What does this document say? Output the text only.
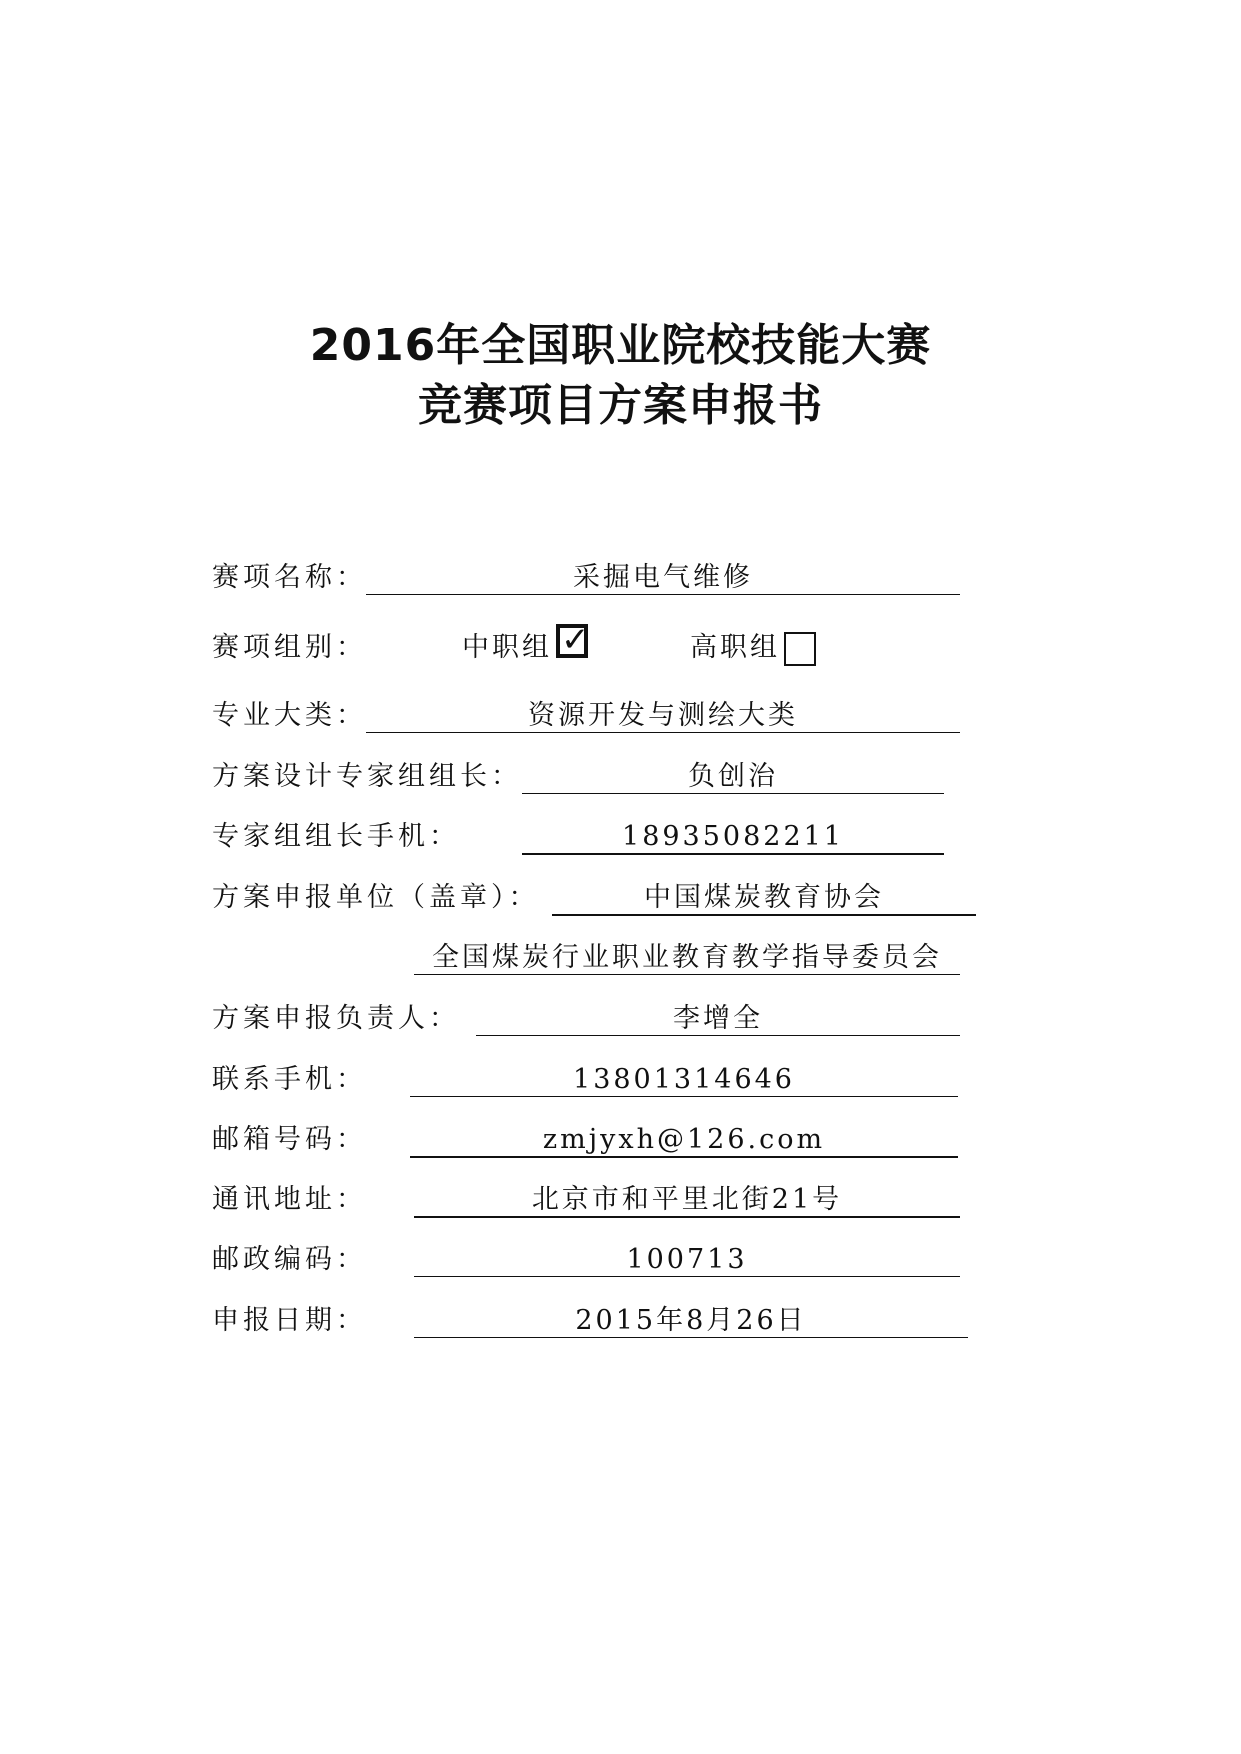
2016年全国职业院校技能大赛
竞赛项目方案申报书
赛项名称：	采掘电气维修
赛项组别：	中职组 ✓	高职组
专业大类：	资源开发与测绘大类
方案设计专家组组长：	负创治
专家组组长手机：	18935082211
方案申报单位（盖章）：	中国煤炭教育协会
全国煤炭行业职业教育教学指导委员会
方案申报负责人：	李增全
联系手机：	13801314646
邮箱号码：	zmjyxh@126.com
通讯地址：	北京市和平里北街21号
邮政编码：	100713
申报日期：	2015年8月26日
